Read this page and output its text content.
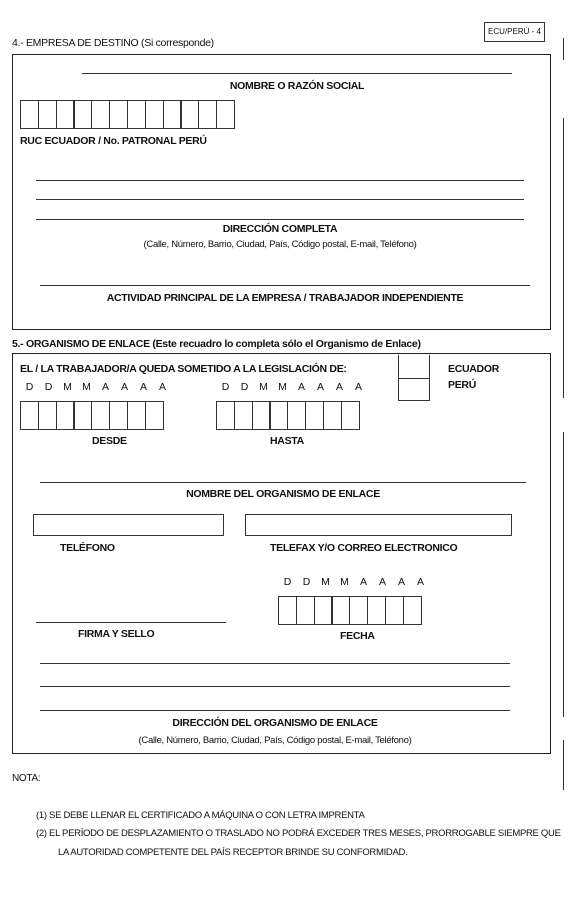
ECU/PERÚ - 4
4.- EMPRESA DE DESTINO (Si corresponde)
NOMBRE O RAZÓN SOCIAL
RUC ECUADOR / No. PATRONAL PERÚ
DIRECCIÓN COMPLETA
(Calle, Número, Barrio, Ciudad, País, Código postal, E-mail, Teléfono)
ACTIVIDAD PRINCIPAL DE LA EMPRESA / TRABAJADOR INDEPENDIENTE
5.- ORGANISMO DE ENLACE (Este recuadro lo completa sólo el Organismo de Enlace)
EL / LA TRABAJADOR/A QUEDA SOMETIDO A LA LEGISLACIÓN DE:	ECUADOR
PERÚ
D	D	M M	A	A	A	A
DESDE
D	D	M M	A	A	A	A
HASTA
NOMBRE DEL ORGANISMO DE ENLACE
TELÉFONO	TELEFAX Y/O CORREO ELECTRONICO
D	D	M M	A	A	A	A
FIRMA Y SELLO	FECHA
DIRECCIÓN DEL ORGANISMO DE ENLACE
(Calle, Número, Barrio, Ciudad, País, Código postal, E-mail, Teléfono)
NOTA:
(1) SE DEBE LLENAR EL CERTIFICADO A MÁQUINA O CON LETRA IMPRENTA
(2) EL PERÍODO DE DESPLAZAMIENTO O TRASLADO NO PODRÁ EXCEDER TRES MESES, PRORROGABLE SIEMPRE QUE
LA AUTORIDAD COMPETENTE DEL PAÍS RECEPTOR BRINDE SU CONFORMIDAD.
